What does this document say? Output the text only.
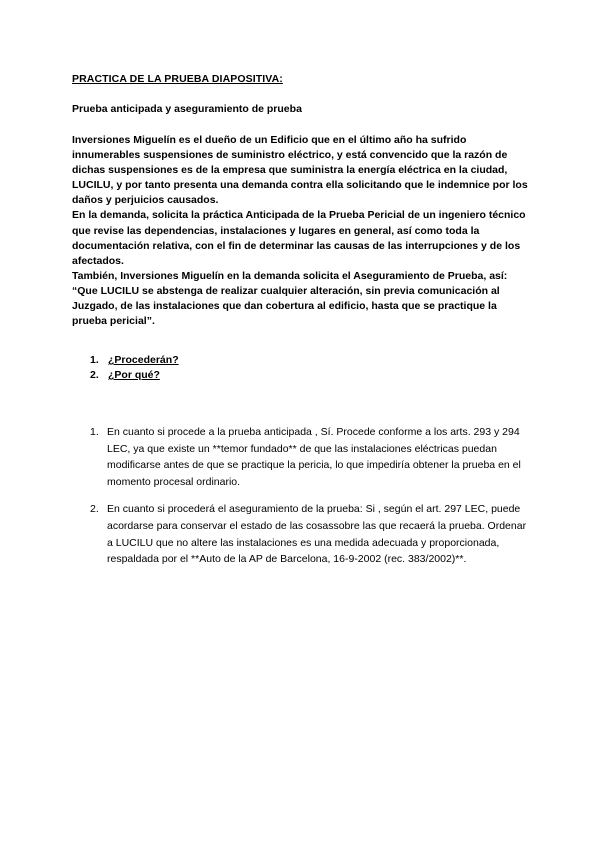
PRACTICA DE LA PRUEBA DIAPOSITIVA:
Prueba anticipada y aseguramiento de prueba

Inversiones Miguelín es el dueño de un Edificio que en el último año ha sufrido innumerables suspensiones de suministro eléctrico, y está convencido que la razón de dichas suspensiones es de la empresa que suministra la energía eléctrica en la ciudad, LUCILU, y por tanto presenta una demanda contra ella solicitando que le indemnice por los daños y perjuicios causados.

En la demanda, solicita la práctica Anticipada de la Prueba Pericial de un ingeniero técnico que revise las dependencias, instalaciones y lugares en general, así como toda la documentación relativa, con el fin de determinar las causas de las interrupciones y de los afectados.

También, Inversiones Miguelín en la demanda solicita el Aseguramiento de Prueba, así: “Que LUCILU se abstenga de realizar cualquier alteración, sin previa comunicación al Juzgado, de las instalaciones que dan cobertura al edificio, hasta que se practique la prueba pericial”.

1. ¿Procederán?
2. ¿Por qué?
1. En cuanto si procede a la prueba anticipada , Sí. Procede conforme a los arts. 293 y 294 LEC, ya que existe un **temor fundado** de que las instalaciones eléctricas puedan modificarse antes de que se practique la pericia, lo que impediría obtener la prueba en el momento procesal ordinario.
2. En cuanto si procederá el aseguramiento de la prueba: Si , según el art. 297 LEC, puede acordarse para conservar el estado de las cosassobre las que recaerá la prueba. Ordenar a LUCILU que no altere las instalaciones es una medida adecuada y proporcionada, respaldada por el **Auto de la AP de Barcelona, 16-9-2002 (rec. 383/2002)**.
